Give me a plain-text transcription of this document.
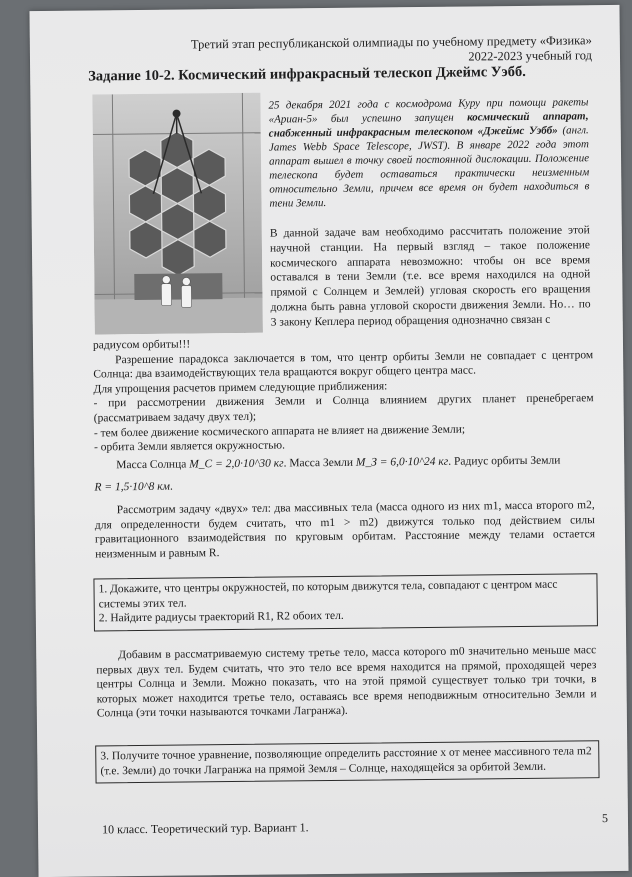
Третий этап республиканской олимпиады по учебному предмету «Физика»
2022-2023 учебный год
Задание 10-2. Космический инфракрасный телескоп Джеймс Уэбб.
25 декабря 2021 года с космодрома Куру при помощи ракеты «Ариан-5» был успешно запущен космический аппарат, снабженный инфракрасным телескопом «Джеймс Уэбб» (англ. James Webb Space Telescope, JWST). В январе 2022 года этот аппарат вышел в точку своей постоянной дислокации. Положение телескопа будет оставаться практически неизменным относительно Земли, причем все время он будет находиться в тени Земли.
В данной задаче вам необходимо рассчитать положение этой научной станции. На первый взгляд – такое положение космического аппарата невозможно: чтобы он все время оставался в тени Земли (т.е. все время находился на одной прямой с Солнцем и Землей) угловая скорость его вращения должна быть равна угловой скорости движения Земли. Но… по 3 закону Кеплера период обращения однозначно связан с

радиусом орбиты!!!

Разрешение парадокса заключается в том, что центр орбиты Земли не совпадает с центром Солнца: два взаимодействующих тела вращаются вокруг общего центра масс.

Для упрощения расчетов примем следующие приближения:

- при рассмотрении движения Земли и Солнца влиянием других планет пренебрегаем (рассматриваем задачу двух тел);

- тем более движение космического аппарата не влияет на движение Земли;

- орбита Земли является окружностью.

Масса Солнца M_C = 2,0·10^30 кг. Масса Земли M_З = 6,0·10^24 кг. Радиус орбиты Земли

R = 1,5·10^8 км.

Рассмотрим задачу «двух» тел: два массивных тела (масса одного из них m1, масса второго m2, для определенности будем считать, что m1 > m2) движутся только под действием силы гравитационного взаимодействия по круговым орбитам. Расстояние между телами остается неизменным и равным R.

1. Докажите, что центры окружностей, по которым движутся тела, совпадают с центром масс системы этих тел.
2. Найдите радиусы траекторий R1, R2 обоих тел.

Добавим в рассматриваемую систему третье тело, масса которого m0 значительно меньше масс первых двух тел. Будем считать, что это тело все время находится на прямой, проходящей через центры Солнца и Земли. Можно показать, что на этой прямой существует только три точки, в которых может находится третье тело, оставаясь все время неподвижным относительно Земли и Солнца (эти точки называются точками Лагранжа).

3. Получите точное уравнение, позволяющие определить расстояние x от менее массивного тела m2 (т.е. Земли) до точки Лагранжа на прямой Земля – Солнце, находящейся за орбитой Земли.
10 класс. Теоретический тур. Вариант 1.
5
